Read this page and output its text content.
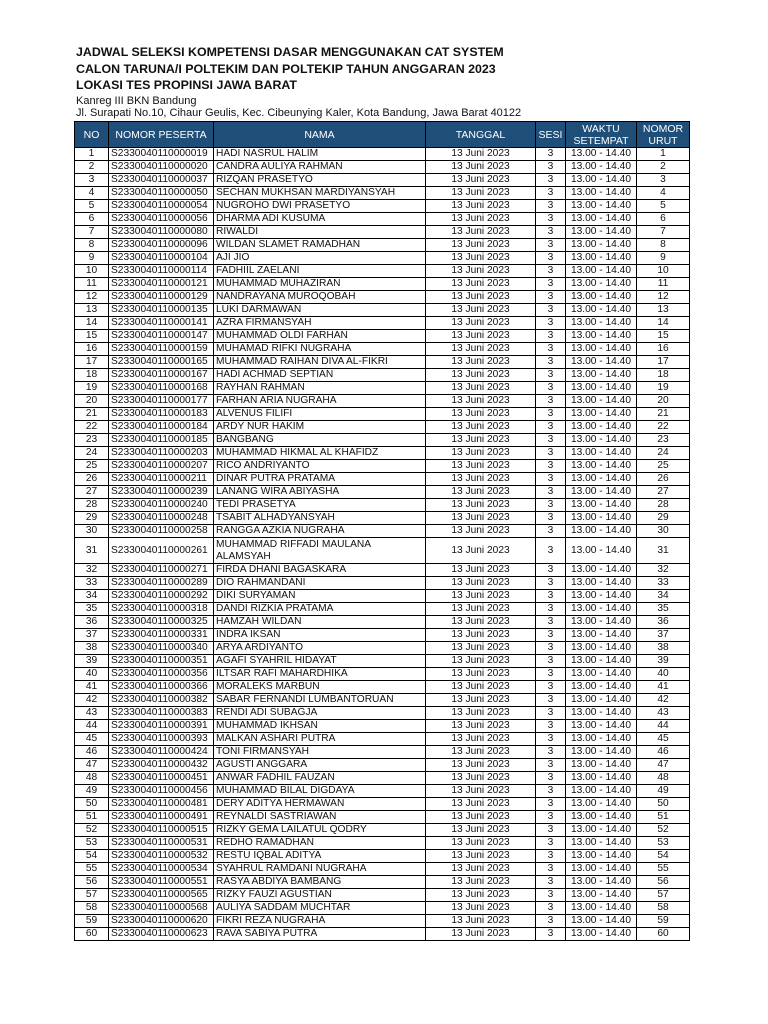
JADWAL SELEKSI KOMPETENSI DASAR MENGGUNAKAN CAT SYSTEM

CALON TARUNA/I POLTEKIM DAN POLTEKIP TAHUN ANGGARAN 2023

LOKASI TES PROPINSI JAWA BARAT

Kanreg III BKN Bandung
Jl. Surapati No.10, Cihaur Geulis, Kec. Cibeunying Kaler, Kota Bandung, Jawa Barat 40122
NO	NOMOR PESERTA	NAMA	TANGGAL	SESI	WAKTU SETEMPAT	NOMOR URUT
1	S2330040110000019	HADI NASRUL HALIM	13 Juni 2023	3	13.00 - 14.40	1
2	S2330040110000020	CANDRA AULIYA RAHMAN	13 Juni 2023	3	13.00 - 14.40	2
3	S2330040110000037	RIZQAN PRASETYO	13 Juni 2023	3	13.00 - 14.40	3
4	S2330040110000050	SECHAN MUKHSAN MARDIYANSYAH	13 Juni 2023	3	13.00 - 14.40	4
5	S2330040110000054	NUGROHO DWI PRASETYO	13 Juni 2023	3	13.00 - 14.40	5
6	S2330040110000056	DHARMA ADI KUSUMA	13 Juni 2023	3	13.00 - 14.40	6
7	S2330040110000080	RIWALDI	13 Juni 2023	3	13.00 - 14.40	7
8	S2330040110000096	WILDAN SLAMET RAMADHAN	13 Juni 2023	3	13.00 - 14.40	8
9	S2330040110000104	AJI JIO	13 Juni 2023	3	13.00 - 14.40	9
10	S2330040110000114	FADHIIL ZAELANI	13 Juni 2023	3	13.00 - 14.40	10
11	S2330040110000121	MUHAMMAD MUHAZIRAN	13 Juni 2023	3	13.00 - 14.40	11
12	S2330040110000129	NANDRAYANA MUROQOBAH	13 Juni 2023	3	13.00 - 14.40	12
13	S2330040110000135	LUKI DARMAWAN	13 Juni 2023	3	13.00 - 14.40	13
14	S2330040110000141	AZRA FIRMANSYAH	13 Juni 2023	3	13.00 - 14.40	14
15	S2330040110000147	MUHAMMAD OLDI FARHAN	13 Juni 2023	3	13.00 - 14.40	15
16	S2330040110000159	MUHAMAD RIFKI NUGRAHA	13 Juni 2023	3	13.00 - 14.40	16
17	S2330040110000165	MUHAMMAD RAIHAN DIVA AL-FIKRI	13 Juni 2023	3	13.00 - 14.40	17
18	S2330040110000167	HADI ACHMAD SEPTIAN	13 Juni 2023	3	13.00 - 14.40	18
19	S2330040110000168	RAYHAN RAHMAN	13 Juni 2023	3	13.00 - 14.40	19
20	S2330040110000177	FARHAN ARIA NUGRAHA	13 Juni 2023	3	13.00 - 14.40	20
21	S2330040110000183	ALVENUS FILIFI	13 Juni 2023	3	13.00 - 14.40	21
22	S2330040110000184	ARDY NUR HAKIM	13 Juni 2023	3	13.00 - 14.40	22
23	S2330040110000185	BANGBANG	13 Juni 2023	3	13.00 - 14.40	23
24	S2330040110000203	MUHAMMAD HIKMAL AL KHAFIDZ	13 Juni 2023	3	13.00 - 14.40	24
25	S2330040110000207	RICO ANDRIYANTO	13 Juni 2023	3	13.00 - 14.40	25
26	S2330040110000211	DINAR PUTRA PRATAMA	13 Juni 2023	3	13.00 - 14.40	26
27	S2330040110000239	LANANG WIRA ABIYASHA	13 Juni 2023	3	13.00 - 14.40	27
28	S2330040110000240	TEDI PRASETYA	13 Juni 2023	3	13.00 - 14.40	28
29	S2330040110000248	TSABIT ALHADYANSYAH	13 Juni 2023	3	13.00 - 14.40	29
30	S2330040110000258	RANGGA AZKIA NUGRAHA	13 Juni 2023	3	13.00 - 14.40	30
31	S2330040110000261	MUHAMMAD RIFFADI MAULANA ALAMSYAH	13 Juni 2023	3	13.00 - 14.40	31
32	S2330040110000271	FIRDA DHANI BAGASKARA	13 Juni 2023	3	13.00 - 14.40	32
33	S2330040110000289	DIO RAHMANDANI	13 Juni 2023	3	13.00 - 14.40	33
34	S2330040110000292	DIKI SURYAMAN	13 Juni 2023	3	13.00 - 14.40	34
35	S2330040110000318	DANDI RIZKIA PRATAMA	13 Juni 2023	3	13.00 - 14.40	35
36	S2330040110000325	HAMZAH WILDAN	13 Juni 2023	3	13.00 - 14.40	36
37	S2330040110000331	INDRA IKSAN	13 Juni 2023	3	13.00 - 14.40	37
38	S2330040110000340	ARYA ARDIYANTO	13 Juni 2023	3	13.00 - 14.40	38
39	S2330040110000351	AGAFI SYAHRIL HIDAYAT	13 Juni 2023	3	13.00 - 14.40	39
40	S2330040110000356	ILTSAR RAFI MAHARDHIKA	13 Juni 2023	3	13.00 - 14.40	40
41	S2330040110000366	MORALEKS MARBUN	13 Juni 2023	3	13.00 - 14.40	41
42	S2330040110000382	SABAR FERNANDI LUMBANTORUAN	13 Juni 2023	3	13.00 - 14.40	42
43	S2330040110000383	RENDI ADI SUBAGJA	13 Juni 2023	3	13.00 - 14.40	43
44	S2330040110000391	MUHAMMAD IKHSAN	13 Juni 2023	3	13.00 - 14.40	44
45	S2330040110000393	MALKAN ASHARI PUTRA	13 Juni 2023	3	13.00 - 14.40	45
46	S2330040110000424	TONI FIRMANSYAH	13 Juni 2023	3	13.00 - 14.40	46
47	S2330040110000432	AGUSTI ANGGARA	13 Juni 2023	3	13.00 - 14.40	47
48	S2330040110000451	ANWAR FADHIL FAUZAN	13 Juni 2023	3	13.00 - 14.40	48
49	S2330040110000456	MUHAMMAD BILAL DIGDAYA	13 Juni 2023	3	13.00 - 14.40	49
50	S2330040110000481	DERY ADITYA HERMAWAN	13 Juni 2023	3	13.00 - 14.40	50
51	S2330040110000491	REYNALDI SASTRIAWAN	13 Juni 2023	3	13.00 - 14.40	51
52	S2330040110000515	RIZKY GEMA LAILATUL QODRY	13 Juni 2023	3	13.00 - 14.40	52
53	S2330040110000531	REDHO RAMADHAN	13 Juni 2023	3	13.00 - 14.40	53
54	S2330040110000532	RESTU IQBAL ADITYA	13 Juni 2023	3	13.00 - 14.40	54
55	S2330040110000534	SYAHRUL RAMDANI NUGRAHA	13 Juni 2023	3	13.00 - 14.40	55
56	S2330040110000551	RASYA ABDIYA BAMBANG	13 Juni 2023	3	13.00 - 14.40	56
57	S2330040110000565	RIZKY FAUZI AGUSTIAN	13 Juni 2023	3	13.00 - 14.40	57
58	S2330040110000568	AULIYA SADDAM MUCHTAR	13 Juni 2023	3	13.00 - 14.40	58
59	S2330040110000620	FIKRI REZA NUGRAHA	13 Juni 2023	3	13.00 - 14.40	59
60	S2330040110000623	RAVA SABIYA PUTRA	13 Juni 2023	3	13.00 - 14.40	60
